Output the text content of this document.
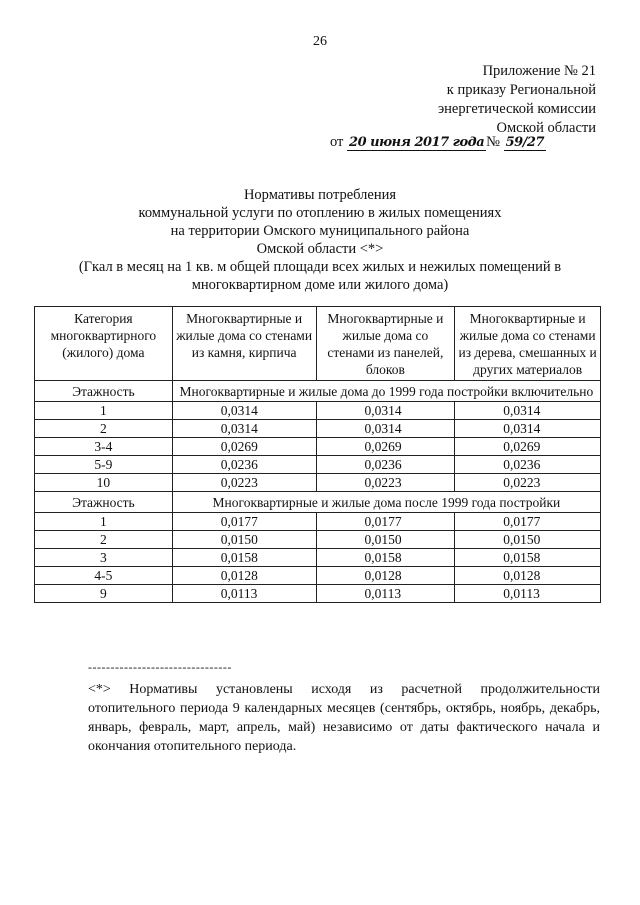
26
Приложение № 21
к приказу Региональной
энергетической комиссии
Омской области
от 20 июня 2017 года № 59/27
Нормативы потребления
коммунальной услуги по отоплению в жилых помещениях
на территории Омского муниципального района
Омской области <*>
(Гкал в месяц на 1 кв. м общей площади всех жилых и нежилых помещений в
многоквартирном доме или жилого дома)
Категория многоквартирного (жилого) дома	Многоквартирные и жилые дома со стенами из камня, кирпича	Многоквартирные и жилые дома со стенами из панелей, блоков	Многоквартирные и жилые дома со стенами из дерева, смешанных и других материалов
Этажность	Многоквартирные и жилые дома до 1999 года постройки включительно		
1	0,0314	0,0314	0,0314
2	0,0314	0,0314	0,0314
3-4	0,0269	0,0269	0,0269
5-9	0,0236	0,0236	0,0236
10	0,0223	0,0223	0,0223
Этажность	Многоквартирные и жилые дома после 1999 года постройки		
1	0,0177	0,0177	0,0177
2	0,0150	0,0150	0,0150
3	0,0158	0,0158	0,0158
4-5	0,0128	0,0128	0,0128
9	0,0113	0,0113	0,0113
--------------------------------
<*> Нормативы установлены исходя из расчетной продолжительности отопительного периода 9 календарных месяцев (сентябрь, октябрь, ноябрь, декабрь, январь, февраль, март, апрель, май) независимо от даты фактического начала и окончания отопительного периода.
